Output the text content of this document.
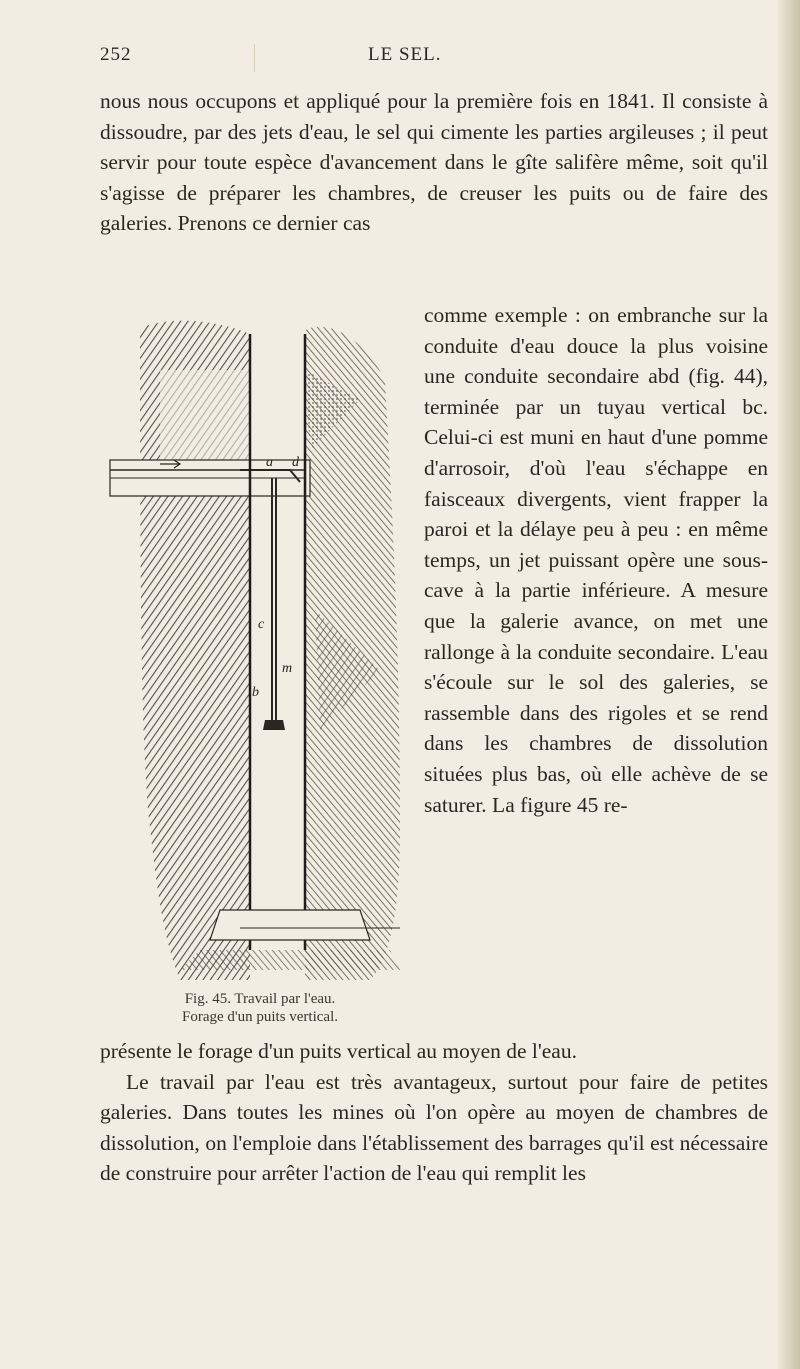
252	LE SEL.

nous nous occupons et appliqué pour la première fois en 1841. Il consiste à dissoudre, par des jets d'eau, le sel qui cimente les parties argileuses ; il peut servir pour toute espèce d'avancement dans le gîte salifère même, soit qu'il s'agisse de préparer les chambres, de creuser les puits ou de faire des galeries. Prenons ce dernier cas

a d
c
m
b
Fig. 45. Travail par l'eau.
Forage d'un puits vertical.

comme exemple : on embranche sur la conduite d'eau douce la plus voisine une conduite secondaire abd (fig. 44), terminée par un tuyau vertical bc. Celui-ci est muni en haut d'une pomme d'arrosoir, d'où l'eau s'échappe en faisceaux divergents, vient frapper la paroi et la délaye peu à peu : en même temps, un jet puissant opère une sous-cave à la partie inférieure. A mesure que la galerie avance, on met une rallonge à la conduite secondaire. L'eau s'écoule sur le sol des galeries, se rassemble dans des rigoles et se rend dans les chambres de dissolution situées plus bas, où elle achève de se saturer. La figure 45 re-

présente le forage d'un puits vertical au moyen de l'eau.
Le travail par l'eau est très avantageux, surtout pour faire de petites galeries. Dans toutes les mines où l'on opère au moyen de chambres de dissolution, on l'emploie dans l'établissement des barrages qu'il est nécessaire de construire pour arrêter l'action de l'eau qui remplit les
